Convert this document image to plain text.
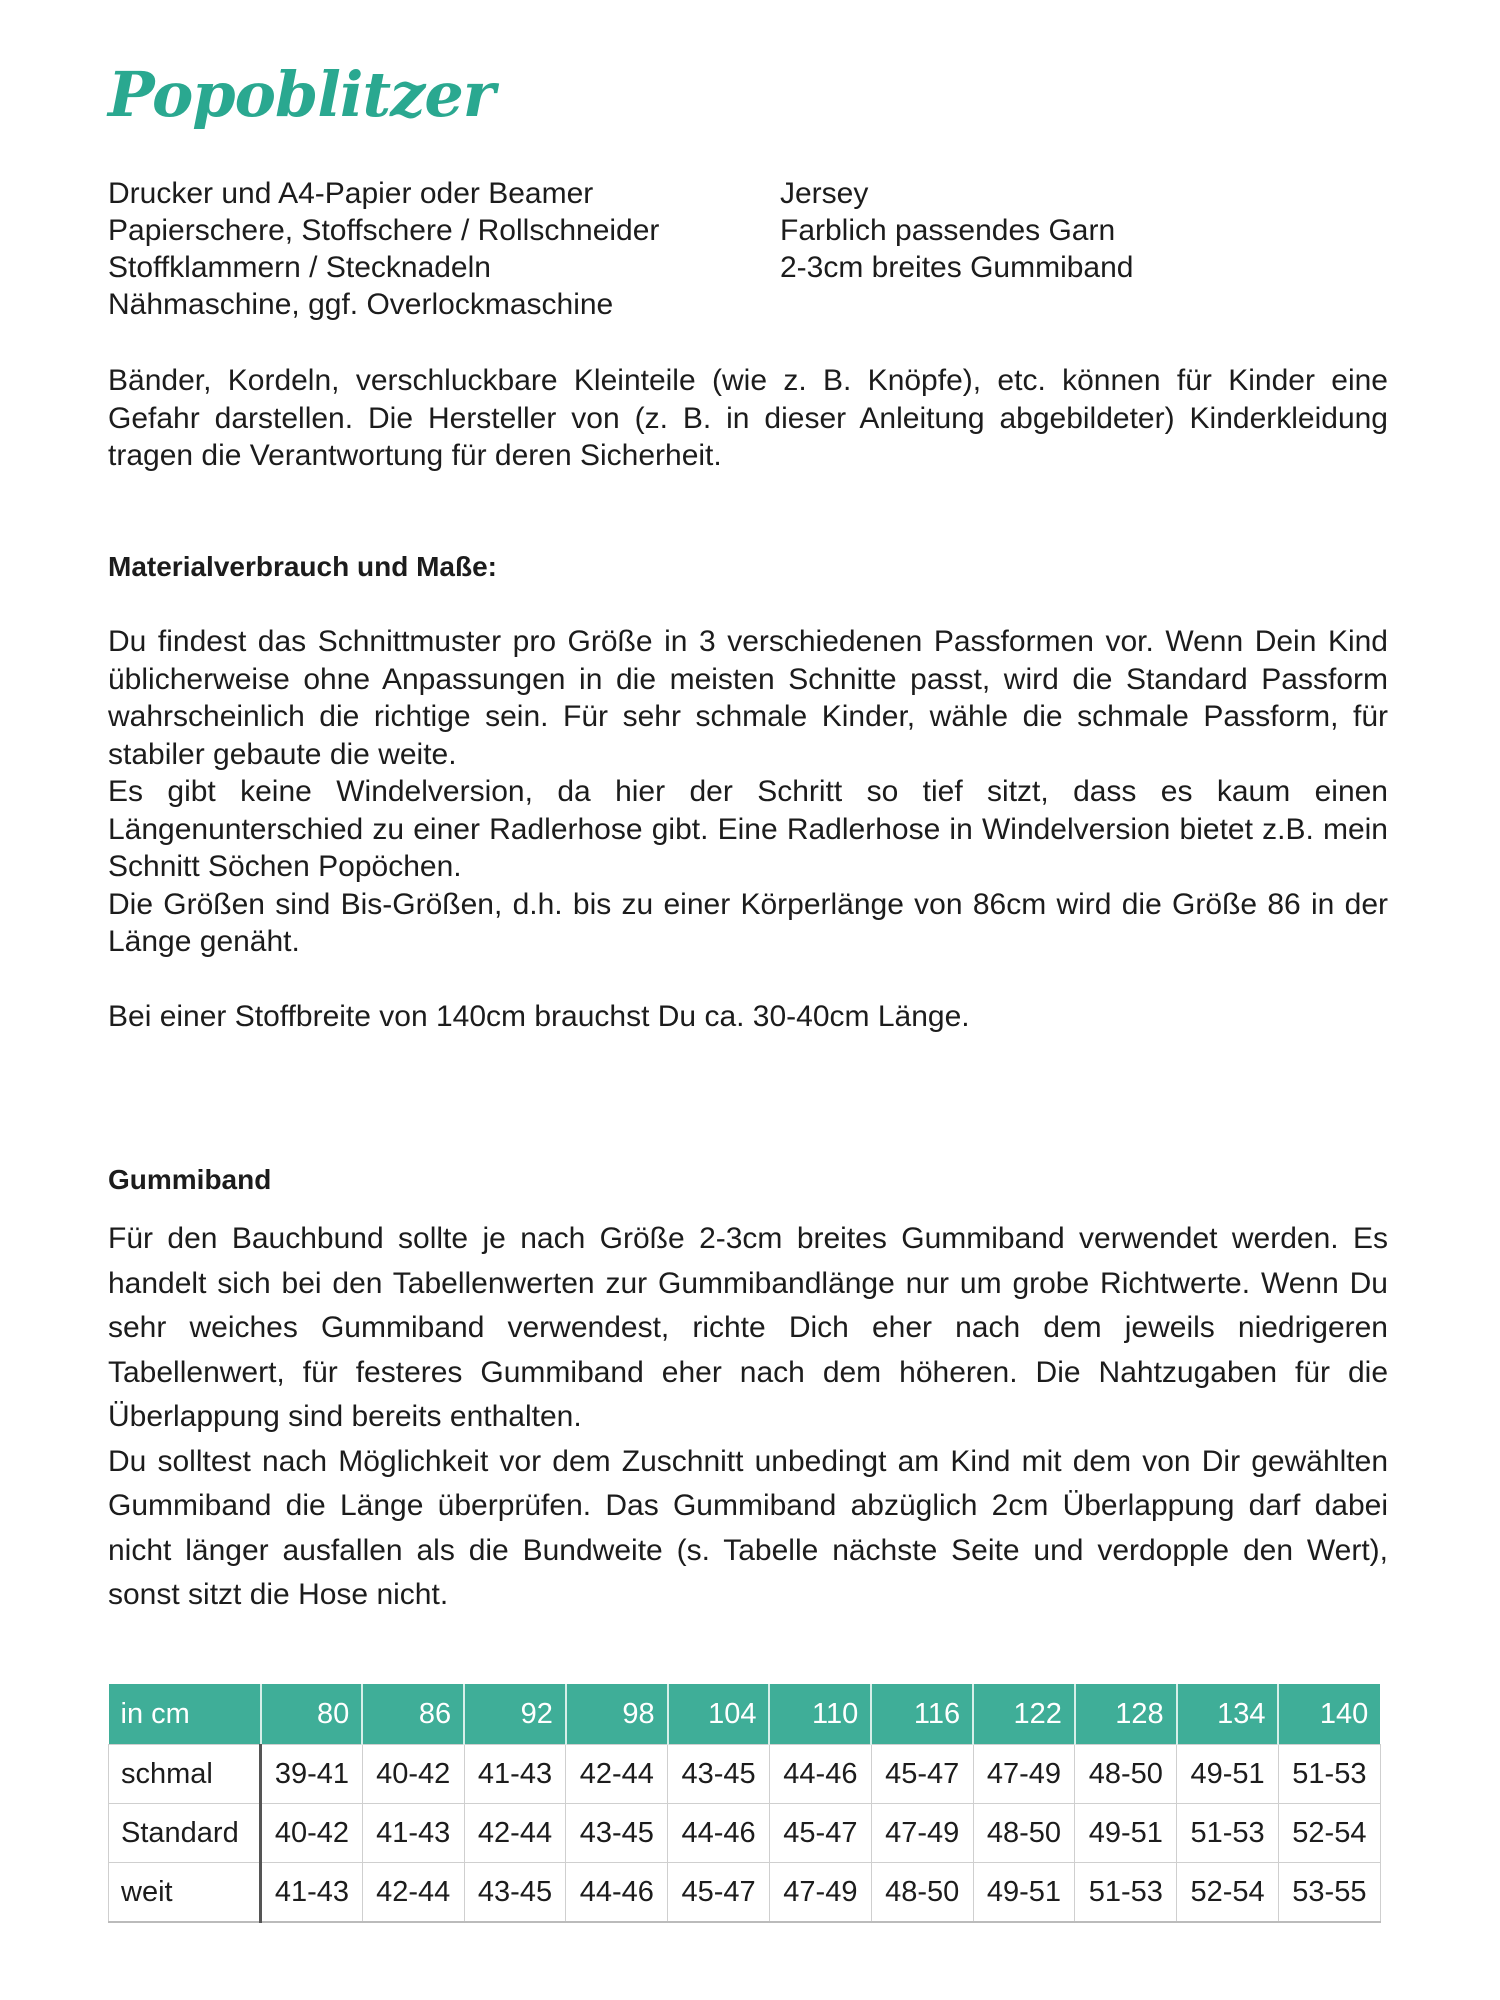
Popoblitzer
Drucker und A4-Papier oder Beamer
Papierschere, Stoffschere / Rollschneider
Stoffklammern / Stecknadeln
Nähmaschine, ggf. Overlockmaschine
Jersey
Farblich passendes Garn
2-3cm breites Gummiband

Bänder, Kordeln, verschluckbare Kleinteile (wie z. B. Knöpfe), etc. können für Kinder eine Gefahr darstellen. Die Hersteller von (z. B. in dieser Anleitung abgebildeter) Kinderkleidung tragen die Verantwortung für deren Sicherheit.

Materialverbrauch und Maße:

Du findest das Schnittmuster pro Größe in 3 verschiedenen Passformen vor. Wenn Dein Kind üblicherweise ohne Anpassungen in die meisten Schnitte passt, wird die Standard Passform wahrscheinlich die richtige sein. Für sehr schmale Kinder, wähle die schmale Passform, für stabiler gebaute die weite.

Es gibt keine Windelversion, da hier der Schritt so tief sitzt, dass es kaum einen Längenunterschied zu einer Radlerhose gibt. Eine Radlerhose in Windelversion bietet z.B. mein Schnitt Söchen Popöchen.

Die Größen sind Bis-Größen, d.h. bis zu einer Körperlänge von 86cm wird die Größe 86 in der Länge genäht.

Bei einer Stoffbreite von 140cm brauchst Du ca. 30-40cm Länge.

Gummiband

Für den Bauchbund sollte je nach Größe 2-3cm breites Gummiband verwendet werden. Es handelt sich bei den Tabellenwerten zur Gummibandlänge nur um grobe Richtwerte. Wenn Du sehr weiches Gummiband verwendest, richte Dich eher nach dem jeweils niedrigeren Tabellenwert, für festeres Gummiband eher nach dem höheren. Die Nahtzugaben für die Überlappung sind bereits enthalten.

Du solltest nach Möglichkeit vor dem Zuschnitt unbedingt am Kind mit dem von Dir gewählten Gummiband die Länge überprüfen. Das Gummiband abzüglich 2cm Überlappung darf dabei nicht länger ausfallen als die Bundweite (s. Tabelle nächste Seite und verdopple den Wert), sonst sitzt die Hose nicht.

in cm	80	86	92	98	104	110	116	122	128	134	140
schmal	39-41	40-42	41-43	42-44	43-45	44-46	45-47	47-49	48-50	49-51	51-53
Standard	40-42	41-43	42-44	43-45	44-46	45-47	47-49	48-50	49-51	51-53	52-54
weit	41-43	42-44	43-45	44-46	45-47	47-49	48-50	49-51	51-53	52-54	53-55
